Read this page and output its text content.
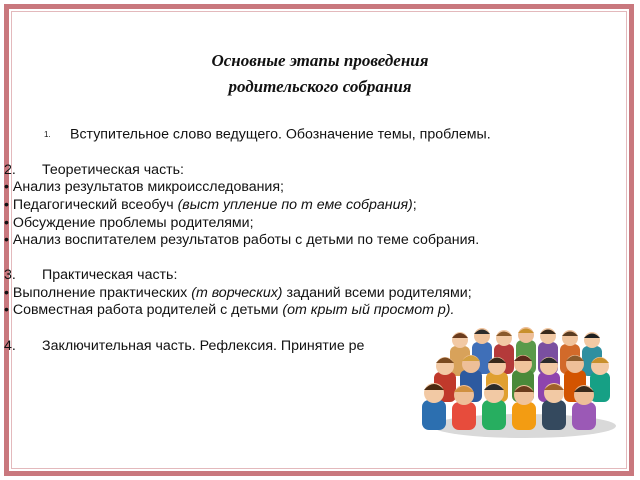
Основные этапы проведения
родительского собрания
1. Вступительное слово ведущего. Обозначение темы, проблемы.
2. Теоретическая часть:
• Анализ результатов микроисследования;
• Педагогический всеобуч (выст упление по т еме собрания);
• Обсуждение проблемы родителями;
• Анализ воспитателем результатов работы с детьми по теме собрания.
3. Практическая часть:
• Выполнение практических (т ворческих) заданий всеми родителями;
• Совместная работа родителей с детьми (от крыт ый просмот р).
4. Заключительная часть. Рефлексия. Принятие ре
